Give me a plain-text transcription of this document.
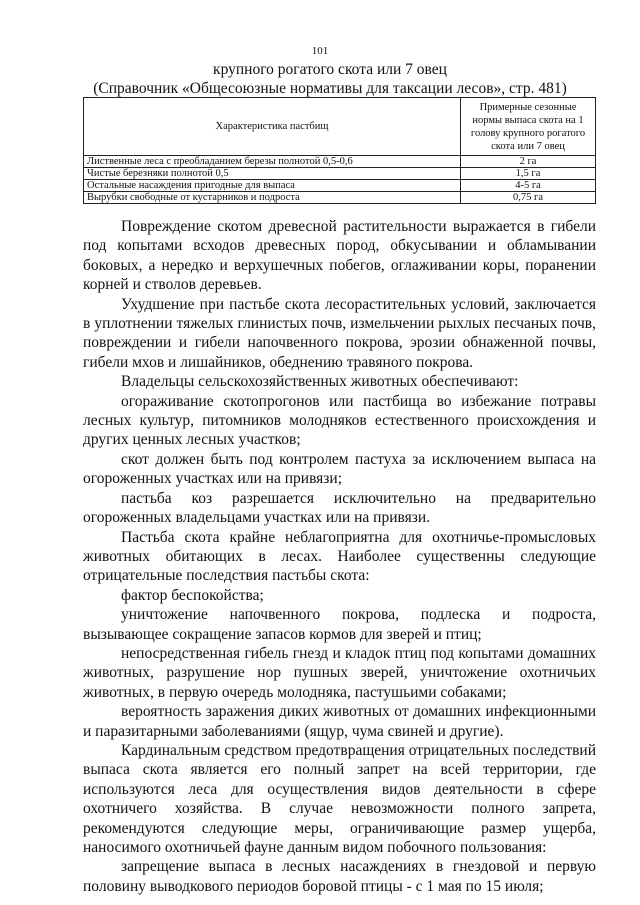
101
крупного рогатого скота или 7 овец
(Справочник «Общесоюзные нормативы для таксации лесов», стр. 481)
Характеристика пастбищ	Примерные сезонные нормы выпаса скота на 1 голову крупного рогатого скота или 7 овец
Лиственные леса с преобладанием березы полнотой 0,5-0,6	2 га
Чистые березняки полнотой 0,5	1,5 га
Остальные насаждения пригодные для выпаса	4-5 га
Вырубки свободные от кустарников и подроста	0,75 га

Повреждение скотом древесной растительности выражается в гибели под копытами всходов древесных пород, обкусывании и обламывании боковых, а нередко и верхушечных побегов, оглаживании коры, поранении корней и стволов деревьев.

Ухудшение при пастьбе скота лесорастительных условий, заключается в уплотнении тяжелых глинистых почв, измельчении рыхлых песчаных почв, повреждении и гибели напочвенного покрова, эрозии обнаженной почвы, гибели мхов и лишайников, обеднению травяного покрова.

Владельцы сельскохозяйственных животных обеспечивают:

огораживание скотопрогонов или пастбища во избежание потравы лесных культур, питомников молодняков естественного происхождения и других ценных лесных участков;

скот должен быть под контролем пастуха за исключением выпаса на огороженных участках или на привязи;

пастьба коз разрешается исключительно на предварительно огороженных владельцами участках или на привязи.

Пастьба скота крайне неблагоприятна для охотничье-промысловых животных обитающих в лесах. Наиболее существенны следующие отрицательные последствия пастьбы скота:

фактор беспокойства;

уничтожение напочвенного покрова, подлеска и подроста, вызывающее сокращение запасов кормов для зверей и птиц;

непосредственная гибель гнезд и кладок птиц под копытами домашних животных, разрушение нор пушных зверей, уничтожение охотничьих животных, в первую очередь молодняка, пастушьими собаками;

вероятность заражения диких животных от домашних инфекционными и паразитарными заболеваниями (ящур, чума свиней и другие).

Кардинальным средством предотвращения отрицательных последствий выпаса скота является его полный запрет на всей территории, где используются леса для осуществления видов деятельности в сфере охотничего хозяйства. В случае невозможности полного запрета, рекомендуются следующие меры, ограничивающие размер ущерба, наносимого охотничьей фауне данным видом побочного пользования:

запрещение выпаса в лесных насаждениях в гнездовой и первую половину выводкового периодов боровой птицы - с 1 мая по 15 июля;
